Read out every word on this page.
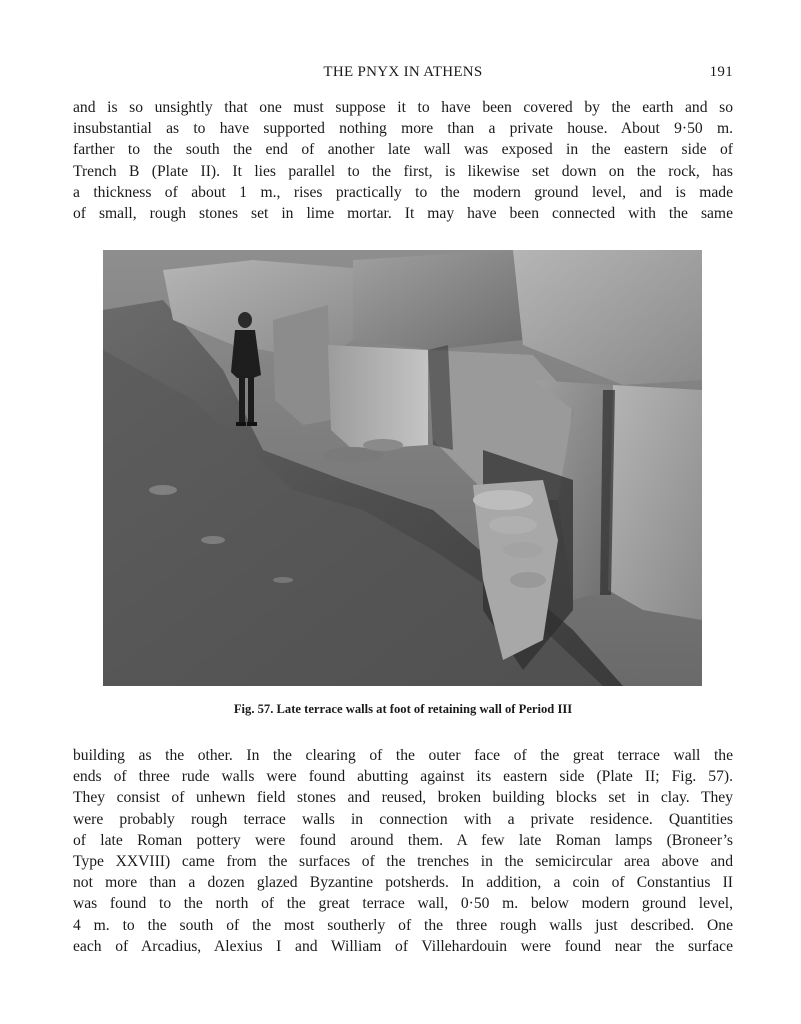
THE PNYX IN ATHENS	191
and is so unsightly that one must suppose it to have been covered by the earth and so
insubstantial as to have supported nothing more than a private house. About 9·50 m.
farther to the south the end of another late wall was exposed in the eastern side of
Trench B (Plate II). It lies parallel to the first, is likewise set down on the rock, has
a thickness of about 1 m., rises practically to the modern ground level, and is made
of small, rough stones set in lime mortar. It may have been connected with the same
Fig. 57. Late terrace walls at foot of retaining wall of Period III
building as the other. In the clearing of the outer face of the great terrace wall the
ends of three rude walls were found abutting against its eastern side (Plate II; Fig. 57).
They consist of unhewn field stones and reused, broken building blocks set in clay. They
were probably rough terrace walls in connection with a private residence. Quantities
of late Roman pottery were found around them. A few late Roman lamps (Broneer’s
Type XXVIII) came from the surfaces of the trenches in the semicircular area above and
not more than a dozen glazed Byzantine potsherds. In addition, a coin of Constantius II
was found to the north of the great terrace wall, 0·50 m. below modern ground level,
4 m. to the south of the most southerly of the three rough walls just described. One
each of Arcadius, Alexius I and William of Villehardouin were found near the surface
